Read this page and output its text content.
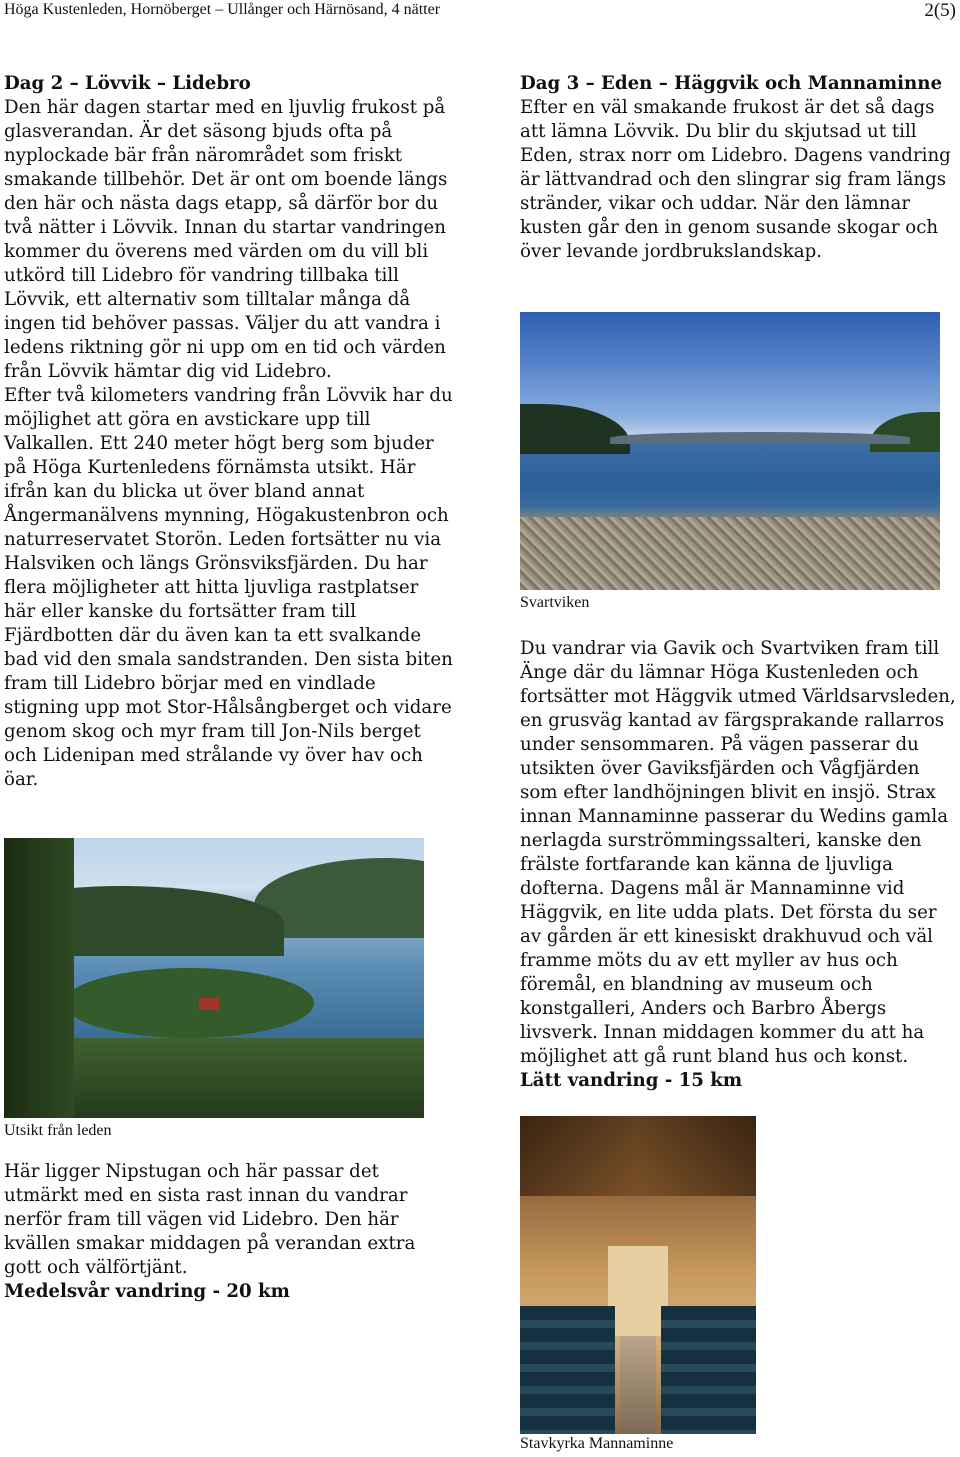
Höga Kustenleden, Hornöberget – Ullånger och Härnösand, 4 nätter	2(5)

Dag 2 – Lövvik – Lidebro

Den här dagen startar med en ljuvlig frukost på glasverandan. Är det säsong bjuds ofta på nyplockade bär från närområdet som friskt smakande tillbehör. Det är ont om boende längs den här och nästa dags etapp, så därför bor du två nätter i Lövvik. Innan du startar vandringen kommer du överens med värden om du vill bli utkörd till Lidebro för vandring tillbaka till Lövvik, ett alternativ som tilltalar många då ingen tid behöver passas. Väljer du att vandra i ledens riktning gör ni upp om en tid och värden från Lövvik hämtar dig vid Lidebro.

Efter två kilometers vandring från Lövvik har du möjlighet att göra en avstickare upp till Valkallen. Ett 240 meter högt berg som bjuder på Höga Kurtenledens förnämsta utsikt. Här ifrån kan du blicka ut över bland annat Ångermanälvens mynning, Högakustenbron och naturreservatet Storön. Leden fortsätter nu via Halsviken och längs Grönsviksfjärden. Du har flera möjligheter att hitta ljuvliga rastplatser här eller kanske du fortsätter fram till Fjärdbotten där du även kan ta ett svalkande bad vid den smala sandstranden. Den sista biten fram till Lidebro börjar med en vindlade stigning upp mot Stor-Hålsångberget och vidare genom skog och myr fram till Jon-Nils berget och Lidenipan med strålande vy över hav och öar.

Utsikt från leden

Här ligger Nipstugan och här passar det utmärkt med en sista rast innan du vandrar nerför fram till vägen vid Lidebro. Den här kvällen smakar middagen på verandan extra gott och välförtjänt.

Medelsvår vandring - 20 km

Dag 3 – Eden – Häggvik och Mannaminne

Efter en väl smakande frukost är det så dags att lämna Lövvik. Du blir du skjutsad ut till Eden, strax norr om Lidebro. Dagens vandring är lättvandrad och den slingrar sig fram längs stränder, vikar och uddar. När den lämnar kusten går den in genom susande skogar och över levande jordbrukslandskap.

Svartviken

Du vandrar via Gavik och Svartviken fram till Änge där du lämnar Höga Kustenleden och fortsätter mot Häggvik utmed Världsarvsleden, en grusväg kantad av färgsprakande rallarros under sensommaren. På vägen passerar du utsikten över Gaviksfjärden och Vågfjärden som efter landhöjningen blivit en insjö. Strax innan Mannaminne passerar du Wedins gamla nerlagda surströmmingssalteri, kanske den frälste fortfarande kan känna de ljuvliga dofterna. Dagens mål är Mannaminne vid Häggvik, en lite udda plats. Det första du ser av gården är ett kinesiskt drakhuvud och väl framme möts du av ett myller av hus och föremål, en blandning av museum och konstgalleri, Anders och Barbro Åbergs livsverk. Innan middagen kommer du att ha möjlighet att gå runt bland hus och konst.

Lätt vandring - 15 km

Stavkyrka Mannaminne
